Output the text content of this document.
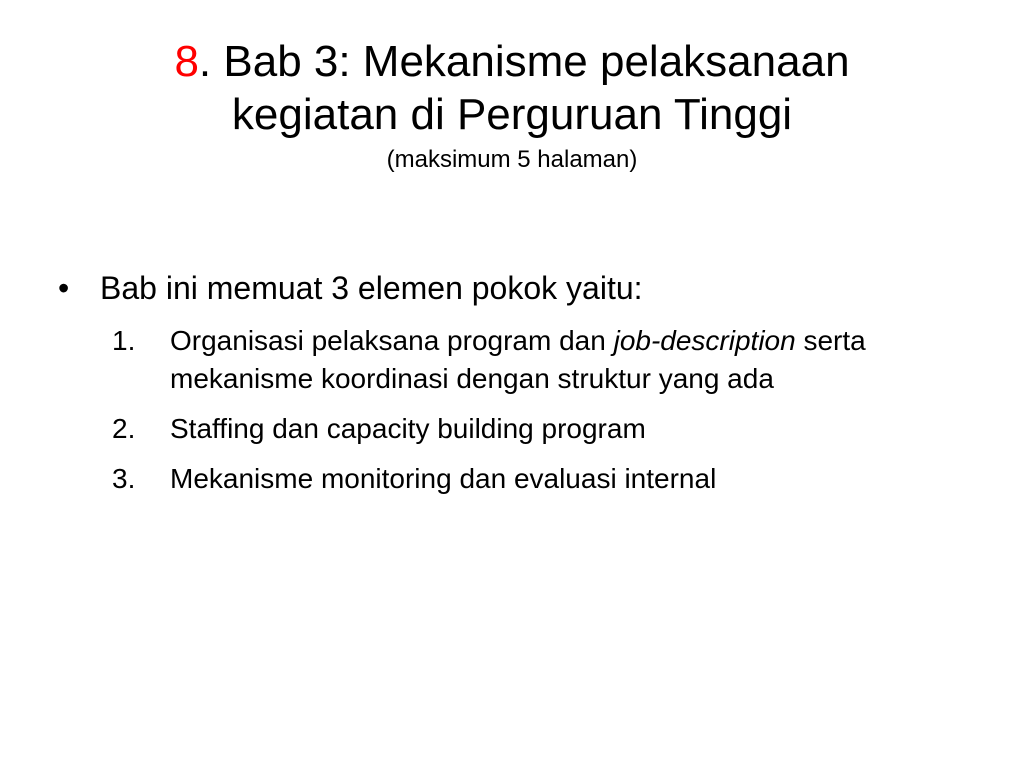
8. Bab 3: Mekanisme pelaksanaan
kegiatan di Perguruan Tinggi
(maksimum 5 halaman)
• Bab ini memuat 3 elemen pokok yaitu:
1.	Organisasi pelaksana program dan job-description serta mekanisme koordinasi dengan struktur yang ada
2.	Staffing dan capacity building program
3.	Mekanisme monitoring dan evaluasi internal
